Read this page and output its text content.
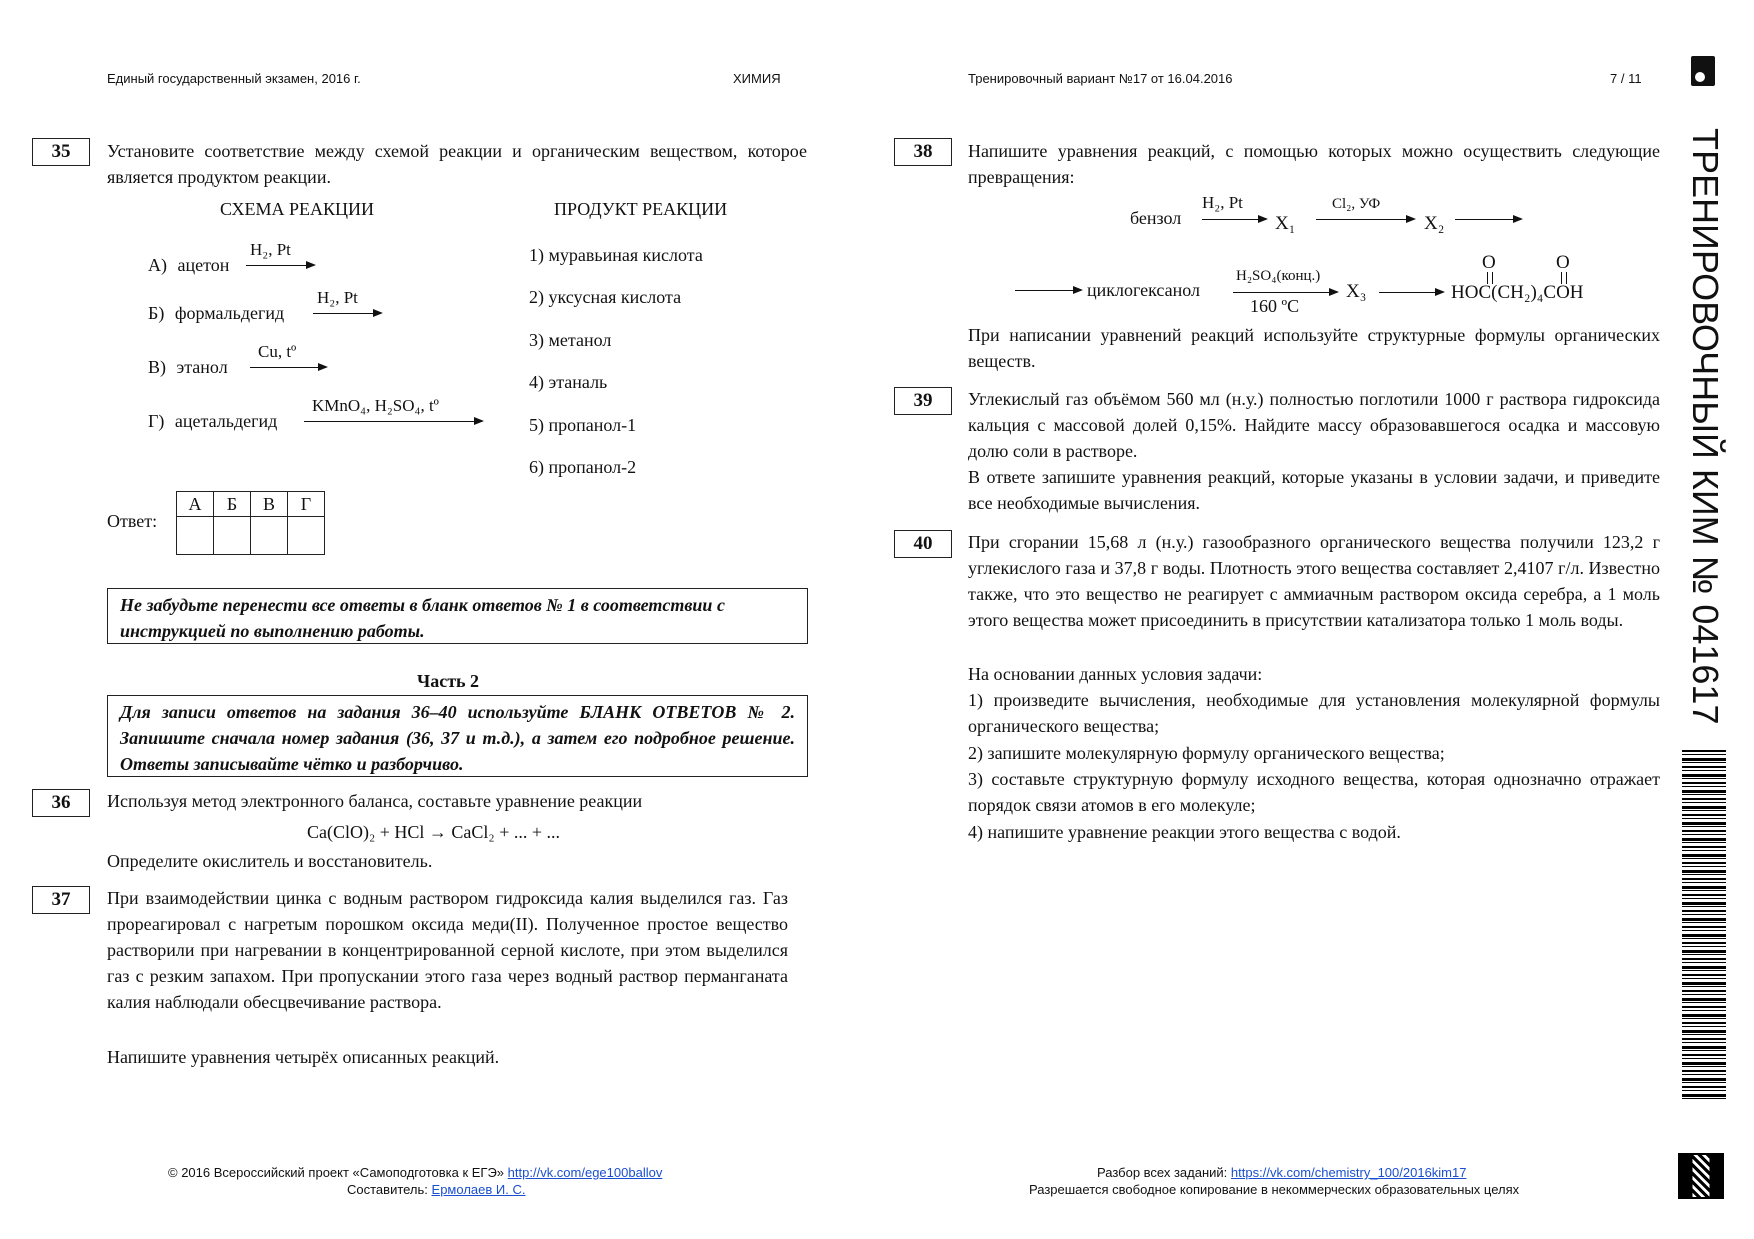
Единый государственный экзамен, 2016 г.	ХИМИЯ	Тренировочный вариант №17 от 16.04.2016	7 / 11
ТРЕНИРОВОЧНЫЙ КИМ № 041617
35	Установите соответствие между схемой реакции и органическим веществом, которое является продуктом реакции.
СХЕМА РЕАКЦИИ	ПРОДУКТ РЕАКЦИИ
А) ацетон
H₂, Pt
Б) формальдегид
H₂, Pt
В) этанол
Cu, tº
Г) ацетальдегид
KMnO₄, H₂SO₄, tº
1) муравьиная кислота
2) уксусная кислота
3) метанол
4) этаналь
5) пропанол-1
6) пропанол-2
Ответ:
А	Б	В	Г

Не забудьте перенести все ответы в бланк ответов № 1 в соответствии с инструкцией по выполнению работы.
Часть 2
Для записи ответов на задания 36–40 используйте БЛАНК ОТВЕТОВ № 2. Запишите сначала номер задания (36, 37 и т.д.), а затем его подробное решение. Ответы записывайте чётко и разборчиво.
36	Используя метод электронного баланса, составьте уравнение реакции
Ca(ClO)₂ + HCl → CaCl₂ + ... + ...
Определите окислитель и восстановитель.
37	При взаимодействии цинка с водным раствором гидроксида калия выделился газ. Газ прореагировал с нагретым порошком оксида меди(II). Полученное простое вещество растворили при нагревании в концентрированной серной кислоте, при этом выделился газ с резким запахом. При пропускании этого газа через водный раствор перманганата калия наблюдали обесцвечивание раствора.
Напишите уравнения четырёх описанных реакций.
38	Напишите уравнения реакций, с помощью которых можно осуществить следующие превращения:
бензол
H₂, Pt
X₁
Cl₂, УФ
X₂
циклогексанол
H₂SO₄(конц.)
160 ºC
X₃
O	O
HOC(CH₂)₄COH
При написании уравнений реакций используйте структурные формулы органических веществ.
39	Углекислый газ объёмом 560 мл (н.у.) полностью поглотили 1000 г раствора гидроксида кальция с массовой долей 0,15%. Найдите массу образовавшегося осадка и массовую долю соли в растворе.
В ответе запишите уравнения реакций, которые указаны в условии задачи, и приведите все необходимые вычисления.
40	При сгорании 15,68 л (н.у.) газообразного органического вещества получили 123,2 г углекислого газа и 37,8 г воды. Плотность этого вещества составляет 2,4107 г/л. Известно также, что это вещество не реагирует с аммиачным раствором оксида серебра, а 1 моль этого вещества может присоединить в присутствии катализатора только 1 моль воды.
На основании данных условия задачи:
1) произведите вычисления, необходимые для установления молекулярной формулы органического вещества;
2) запишите молекулярную формулу органического вещества;
3) составьте структурную формулу исходного вещества, которая однозначно отражает порядок связи атомов в его молекуле;
4) напишите уравнение реакции этого вещества с водой.
© 2016 Всероссийский проект «Самоподготовка к ЕГЭ» http://vk.com/ege100ballov
Составитель: Ермолаев И. С.
Разбор всех заданий: https://vk.com/chemistry_100/2016kim17
Разрешается свободное копирование в некоммерческих образовательных целях
